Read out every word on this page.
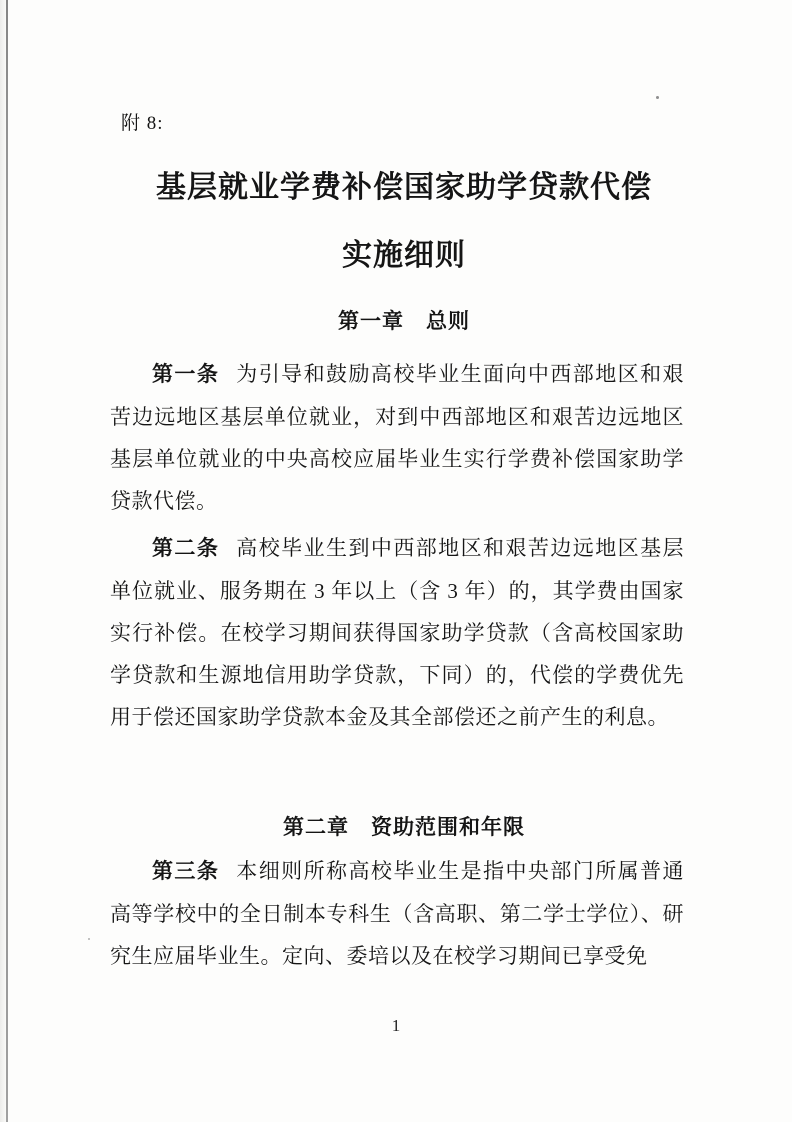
附 8:
基层就业学费补偿国家助学贷款代偿
实施细则
第一章　总则

第一条 为引导和鼓励高校毕业生面向中西部地区和艰苦边远地区基层单位就业，对到中西部地区和艰苦边远地区基层单位就业的中央高校应届毕业生实行学费补偿国家助学贷款代偿。

第二条 高校毕业生到中西部地区和艰苦边远地区基层单位就业、服务期在 3 年以上（含 3 年）的，其学费由国家实行补偿。在校学习期间获得国家助学贷款（含高校国家助学贷款和生源地信用助学贷款，下同）的，代偿的学费优先用于偿还国家助学贷款本金及其全部偿还之前产生的利息。

第二章　资助范围和年限

第三条 本细则所称高校毕业生是指中央部门所属普通高等学校中的全日制本专科生（含高职、第二学士学位）、研究生应届毕业生。定向、委培以及在校学习期间已享受免

1
